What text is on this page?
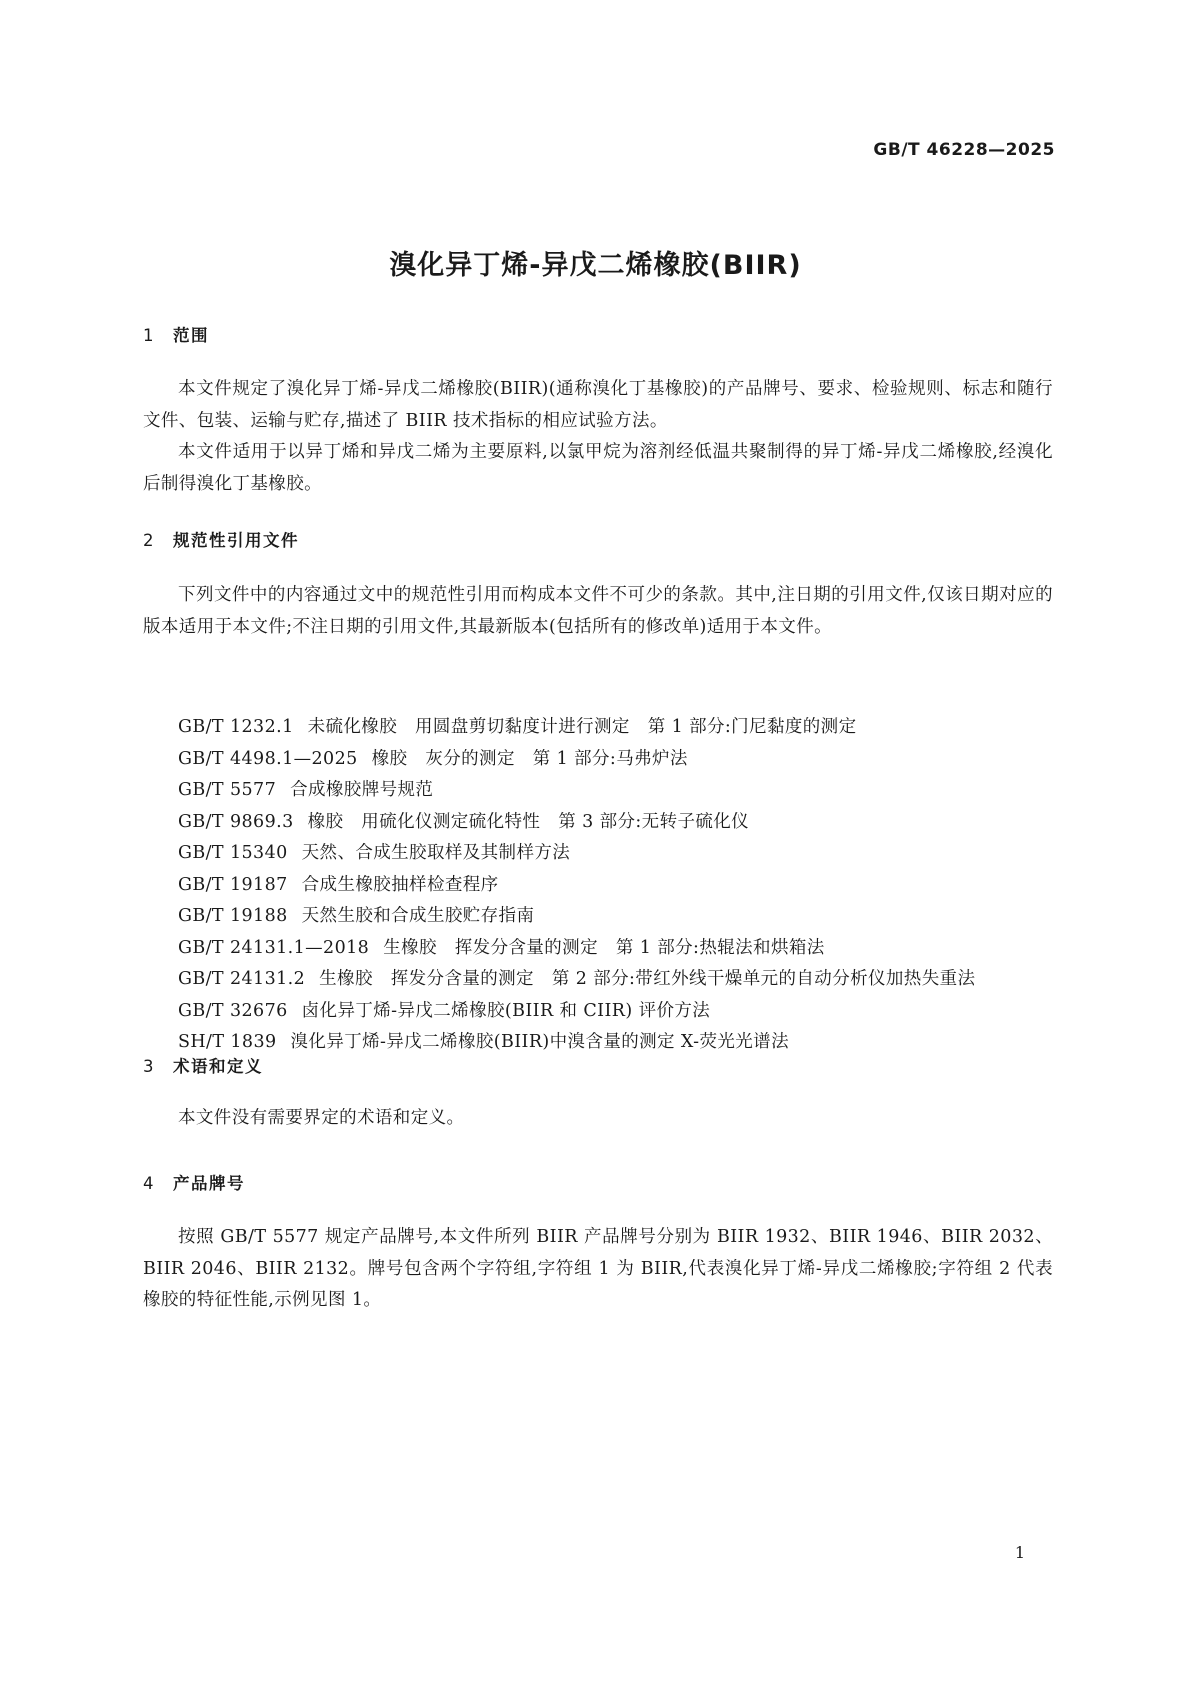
GB/T 46228—2025
溴化异丁烯-异戊二烯橡胶(BIIR)
1 范围
本文件规定了溴化异丁烯-异戊二烯橡胶(BIIR)(通称溴化丁基橡胶)的产品牌号、要求、检验规则、标志和随行文件、包装、运输与贮存,描述了 BIIR 技术指标的相应试验方法。
本文件适用于以异丁烯和异戊二烯为主要原料,以氯甲烷为溶剂经低温共聚制得的异丁烯-异戊二烯橡胶,经溴化后制得溴化丁基橡胶。
2 规范性引用文件
下列文件中的内容通过文中的规范性引用而构成本文件不可少的条款。其中,注日期的引用文件,仅该日期对应的版本适用于本文件;不注日期的引用文件,其最新版本(包括所有的修改单)适用于本文件。
GB/T 1232.1 未硫化橡胶　用圆盘剪切黏度计进行测定　第 1 部分:门尼黏度的测定
GB/T 4498.1—2025 橡胶　灰分的测定　第 1 部分:马弗炉法
GB/T 5577 合成橡胶牌号规范
GB/T 9869.3 橡胶　用硫化仪测定硫化特性　第 3 部分:无转子硫化仪
GB/T 15340 天然、合成生胶取样及其制样方法
GB/T 19187 合成生橡胶抽样检查程序
GB/T 19188 天然生胶和合成生胶贮存指南
GB/T 24131.1—2018 生橡胶　挥发分含量的测定　第 1 部分:热辊法和烘箱法
GB/T 24131.2 生橡胶　挥发分含量的测定　第 2 部分:带红外线干燥单元的自动分析仪加热失重法
GB/T 32676 卤化异丁烯-异戊二烯橡胶(BIIR 和 CIIR) 评价方法
SH/T 1839 溴化异丁烯-异戊二烯橡胶(BIIR)中溴含量的测定 X-荧光光谱法
3 术语和定义
本文件没有需要界定的术语和定义。
4 产品牌号
按照 GB/T 5577 规定产品牌号,本文件所列 BIIR 产品牌号分别为 BIIR 1932、BIIR 1946、BIIR 2032、BIIR 2046、BIIR 2132。牌号包含两个字符组,字符组 1 为 BIIR,代表溴化异丁烯-异戊二烯橡胶;字符组 2 代表橡胶的特征性能,示例见图 1。
1
